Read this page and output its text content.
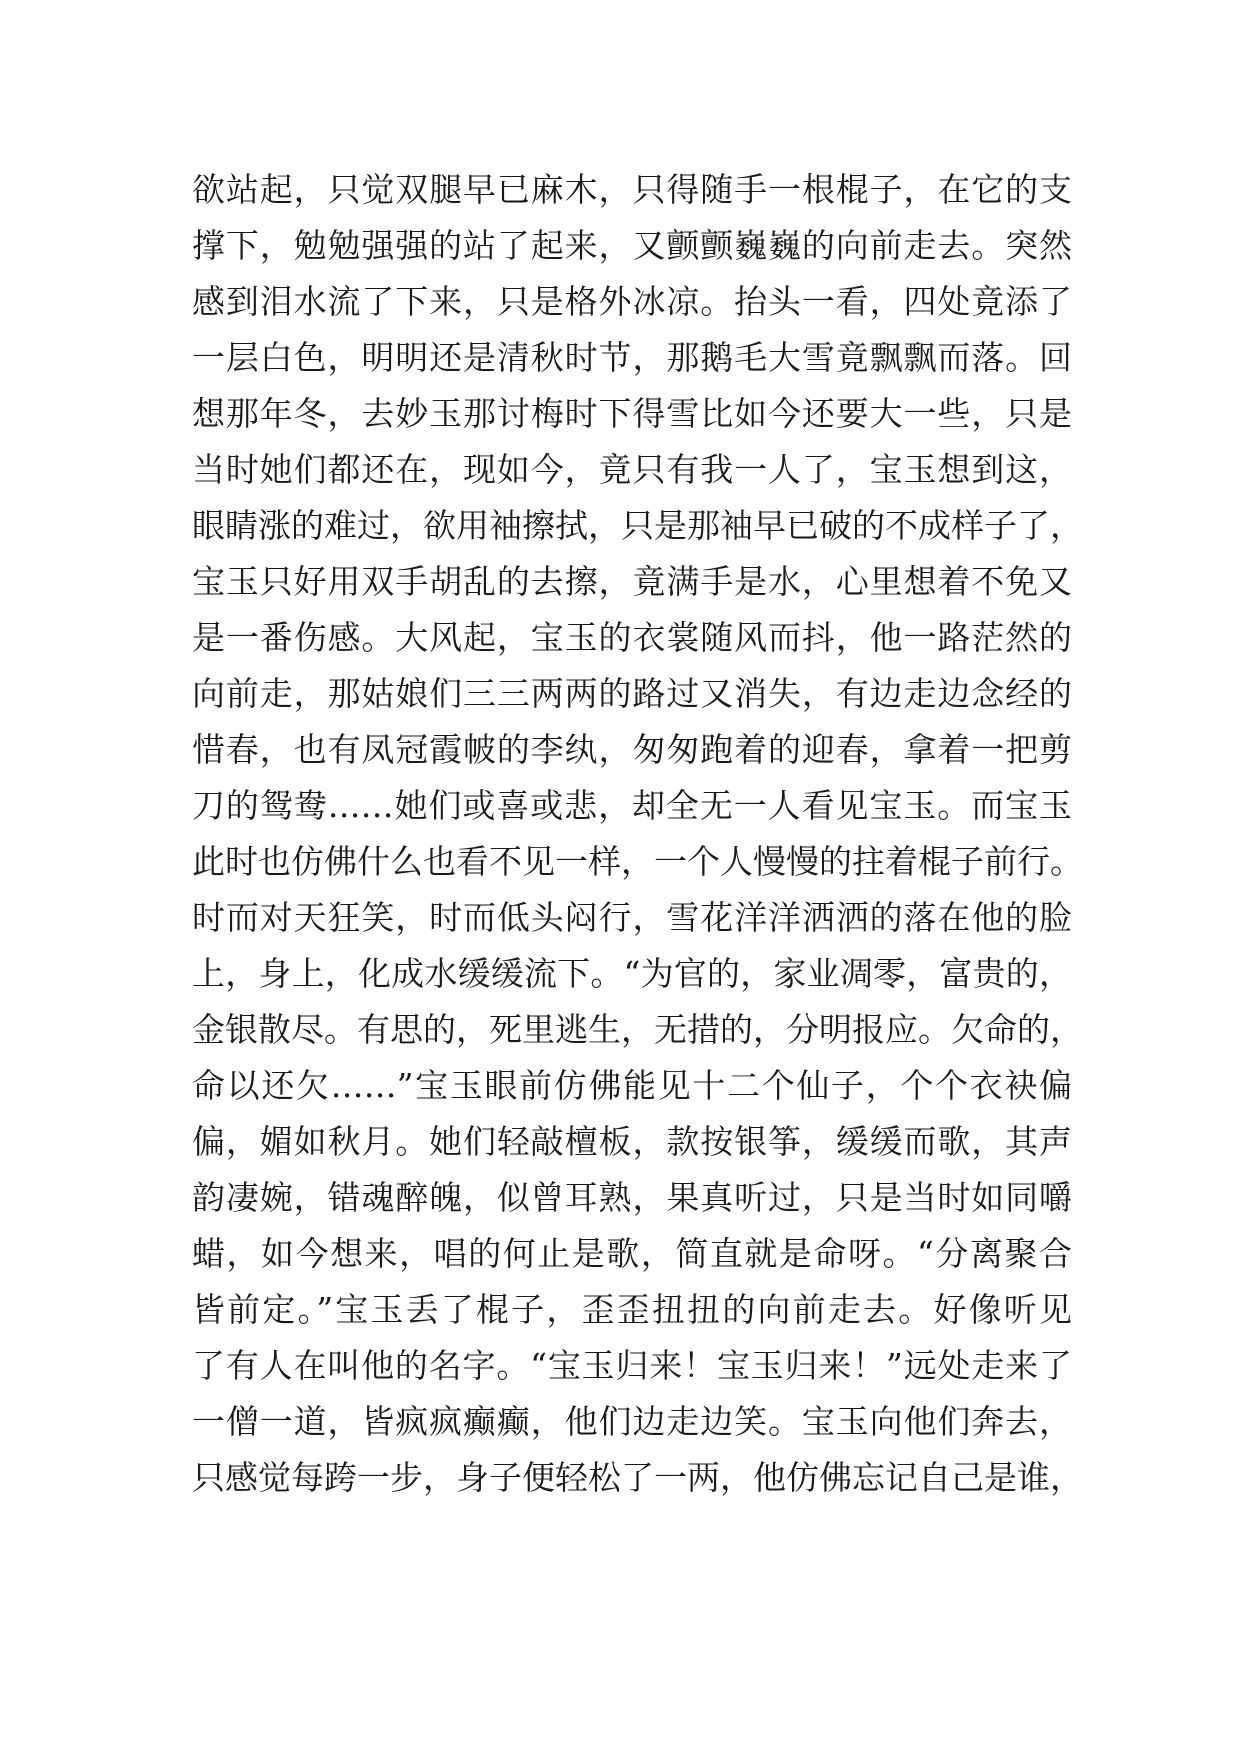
欲站起，只觉双腿早已麻木，只得随手一根棍子，在它的支
撑下，勉勉强强的站了起来，又颤颤巍巍的向前走去。突然
感到泪水流了下来，只是格外冰凉。抬头一看，四处竟添了
一层白色，明明还是清秋时节，那鹅毛大雪竟飘飘而落。回
想那年冬，去妙玉那讨梅时下得雪比如今还要大一些，只是
当时她们都还在，现如今，竟只有我一人了，宝玉想到这，
眼睛涨的难过，欲用袖擦拭，只是那袖早已破的不成样子了，
宝玉只好用双手胡乱的去擦，竟满手是水，心里想着不免又
是一番伤感。大风起，宝玉的衣裳随风而抖，他一路茫然的
向前走，那姑娘们三三两两的路过又消失，有边走边念经的
惜春，也有凤冠霞帔的李纨，匆匆跑着的迎春，拿着一把剪
刀的鸳鸯……她们或喜或悲，却全无一人看见宝玉。而宝玉
此时也仿佛什么也看不见一样，一个人慢慢的拄着棍子前行。
时而对天狂笑，时而低头闷行，雪花洋洋洒洒的落在他的脸
上，身上，化成水缓缓流下。“为官的，家业凋零，富贵的，
金银散尽。有思的，死里逃生，无措的，分明报应。欠命的，
命以还欠……”宝玉眼前仿佛能见十二个仙子，个个衣袂偏
偏，媚如秋月。她们轻敲檀板，款按银筝，缓缓而歌，其声
韵凄婉，错魂醉魄，似曾耳熟，果真听过，只是当时如同嚼
蜡，如今想来，唱的何止是歌，简直就是命呀。“分离聚合
皆前定。”宝玉丢了棍子，歪歪扭扭的向前走去。好像听见
了有人在叫他的名字。“宝玉归来！宝玉归来！”远处走来了
一僧一道，皆疯疯癫癫，他们边走边笑。宝玉向他们奔去，
只感觉每跨一步，身子便轻松了一两，他仿佛忘记自己是谁，
